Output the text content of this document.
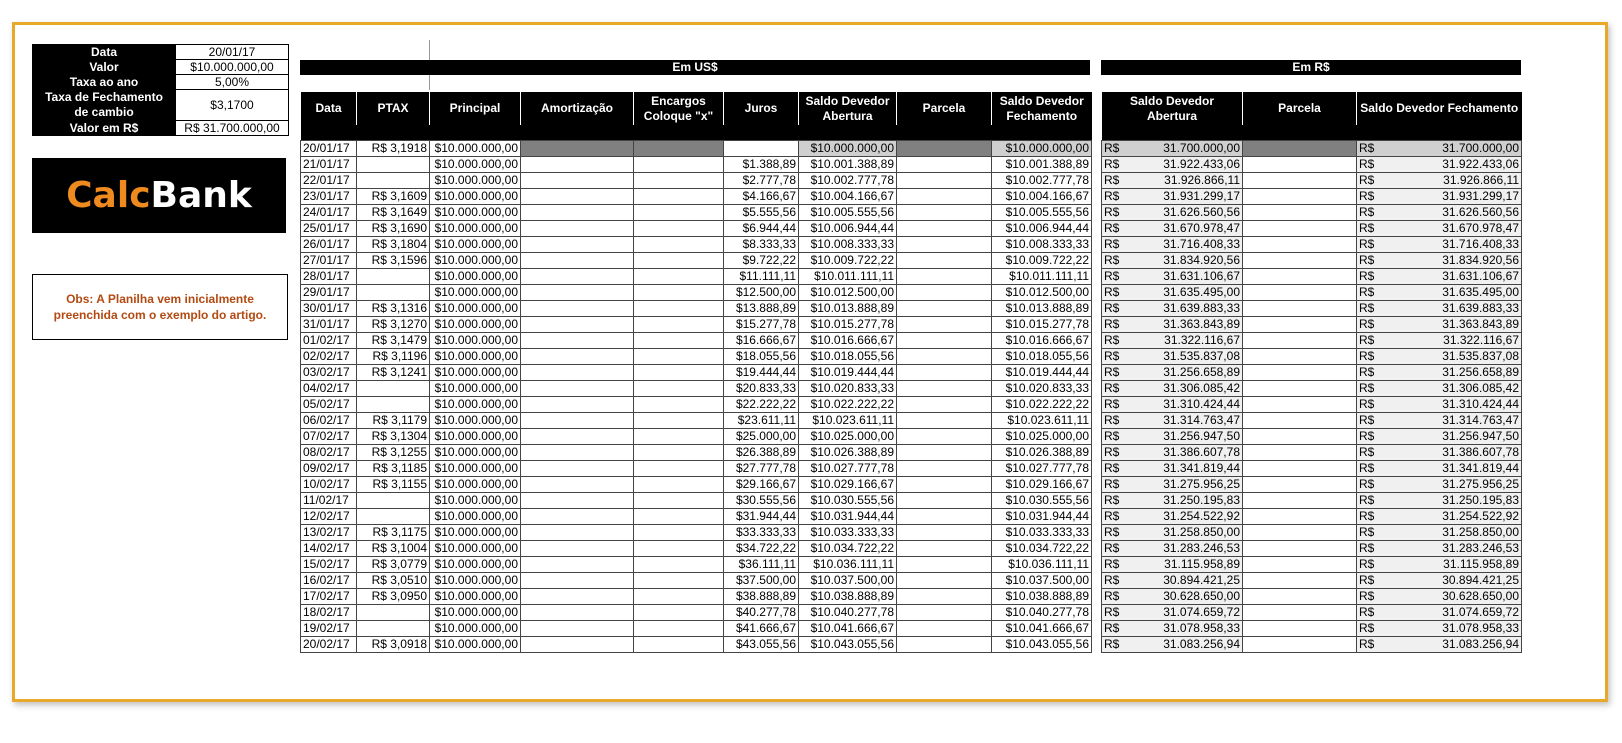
Data	20/01/17
Valor	$10.000.000,00
Taxa ao ano	5,00%
Taxa de Fechamento de cambio	$3,1700
Valor em R$	R$ 31.700.000,00
Calc Bank
Obs: A Planilha vem inicialmente preenchida com o exemplo do artigo.
Em US$	Em R$
Data	PTAX	Principal	Amortização	Encargos Coloque "x"	Juros	Saldo Devedor Abertura	Parcela	Saldo Devedor Fechamento

20/01/17	R$ 3,1918	$10.000.000,00				$10.000.000,00		$10.000.000,00
21/01/17		$10.000.000,00			$1.388,89	$10.001.388,89		$10.001.388,89
22/01/17		$10.000.000,00			$2.777,78	$10.002.777,78		$10.002.777,78
23/01/17	R$ 3,1609	$10.000.000,00			$4.166,67	$10.004.166,67		$10.004.166,67
24/01/17	R$ 3,1649	$10.000.000,00			$5.555,56	$10.005.555,56		$10.005.555,56
25/01/17	R$ 3,1690	$10.000.000,00			$6.944,44	$10.006.944,44		$10.006.944,44
26/01/17	R$ 3,1804	$10.000.000,00			$8.333,33	$10.008.333,33		$10.008.333,33
27/01/17	R$ 3,1596	$10.000.000,00			$9.722,22	$10.009.722,22		$10.009.722,22
28/01/17		$10.000.000,00			$11.111,11	$10.011.111,11		$10.011.111,11
29/01/17		$10.000.000,00			$12.500,00	$10.012.500,00		$10.012.500,00
30/01/17	R$ 3,1316	$10.000.000,00			$13.888,89	$10.013.888,89		$10.013.888,89
31/01/17	R$ 3,1270	$10.000.000,00			$15.277,78	$10.015.277,78		$10.015.277,78
01/02/17	R$ 3,1479	$10.000.000,00			$16.666,67	$10.016.666,67		$10.016.666,67
02/02/17	R$ 3,1196	$10.000.000,00			$18.055,56	$10.018.055,56		$10.018.055,56
03/02/17	R$ 3,1241	$10.000.000,00			$19.444,44	$10.019.444,44		$10.019.444,44
04/02/17		$10.000.000,00			$20.833,33	$10.020.833,33		$10.020.833,33
05/02/17		$10.000.000,00			$22.222,22	$10.022.222,22		$10.022.222,22
06/02/17	R$ 3,1179	$10.000.000,00			$23.611,11	$10.023.611,11		$10.023.611,11
07/02/17	R$ 3,1304	$10.000.000,00			$25.000,00	$10.025.000,00		$10.025.000,00
08/02/17	R$ 3,1255	$10.000.000,00			$26.388,89	$10.026.388,89		$10.026.388,89
09/02/17	R$ 3,1185	$10.000.000,00			$27.777,78	$10.027.777,78		$10.027.777,78
10/02/17	R$ 3,1155	$10.000.000,00			$29.166,67	$10.029.166,67		$10.029.166,67
11/02/17		$10.000.000,00			$30.555,56	$10.030.555,56		$10.030.555,56
12/02/17		$10.000.000,00			$31.944,44	$10.031.944,44		$10.031.944,44
13/02/17	R$ 3,1175	$10.000.000,00			$33.333,33	$10.033.333,33		$10.033.333,33
14/02/17	R$ 3,1004	$10.000.000,00			$34.722,22	$10.034.722,22		$10.034.722,22
15/02/17	R$ 3,0779	$10.000.000,00			$36.111,11	$10.036.111,11		$10.036.111,11
16/02/17	R$ 3,0510	$10.000.000,00			$37.500,00	$10.037.500,00		$10.037.500,00
17/02/17	R$ 3,0950	$10.000.000,00			$38.888,89	$10.038.888,89		$10.038.888,89
18/02/17		$10.000.000,00			$40.277,78	$10.040.277,78		$10.040.277,78
19/02/17		$10.000.000,00			$41.666,67	$10.041.666,67		$10.041.666,67
20/02/17	R$ 3,0918	$10.000.000,00			$43.055,56	$10.043.055,56		$10.043.055,56
Saldo Devedor Abertura	Parcela	Saldo Devedor Fechamento

R$ 31.700.000,00		R$ 31.700.000,00

R$ 31.922.433,06		R$ 31.922.433,06

R$ 31.926.866,11		R$ 31.926.866,11

R$ 31.931.299,17		R$ 31.931.299,17

R$ 31.626.560,56		R$ 31.626.560,56

R$ 31.670.978,47		R$ 31.670.978,47

R$ 31.716.408,33		R$ 31.716.408,33

R$ 31.834.920,56		R$ 31.834.920,56

R$ 31.631.106,67		R$ 31.631.106,67

R$ 31.635.495,00		R$ 31.635.495,00

R$ 31.639.883,33		R$ 31.639.883,33

R$ 31.363.843,89		R$ 31.363.843,89

R$ 31.322.116,67		R$ 31.322.116,67

R$ 31.535.837,08		R$ 31.535.837,08

R$ 31.256.658,89		R$ 31.256.658,89

R$ 31.306.085,42		R$ 31.306.085,42

R$ 31.310.424,44		R$ 31.310.424,44

R$ 31.314.763,47		R$ 31.314.763,47

R$ 31.256.947,50		R$ 31.256.947,50

R$ 31.386.607,78		R$ 31.386.607,78

R$ 31.341.819,44		R$ 31.341.819,44

R$ 31.275.956,25		R$ 31.275.956,25

R$ 31.250.195,83		R$ 31.250.195,83

R$ 31.254.522,92		R$ 31.254.522,92

R$ 31.258.850,00		R$ 31.258.850,00

R$ 31.283.246,53		R$ 31.283.246,53

R$ 31.115.958,89		R$ 31.115.958,89

R$ 30.894.421,25		R$ 30.894.421,25

R$ 30.628.650,00		R$ 30.628.650,00

R$ 31.074.659,72		R$ 31.074.659,72

R$ 31.078.958,33		R$ 31.078.958,33

R$ 31.083.256,94		R$ 31.083.256,94
